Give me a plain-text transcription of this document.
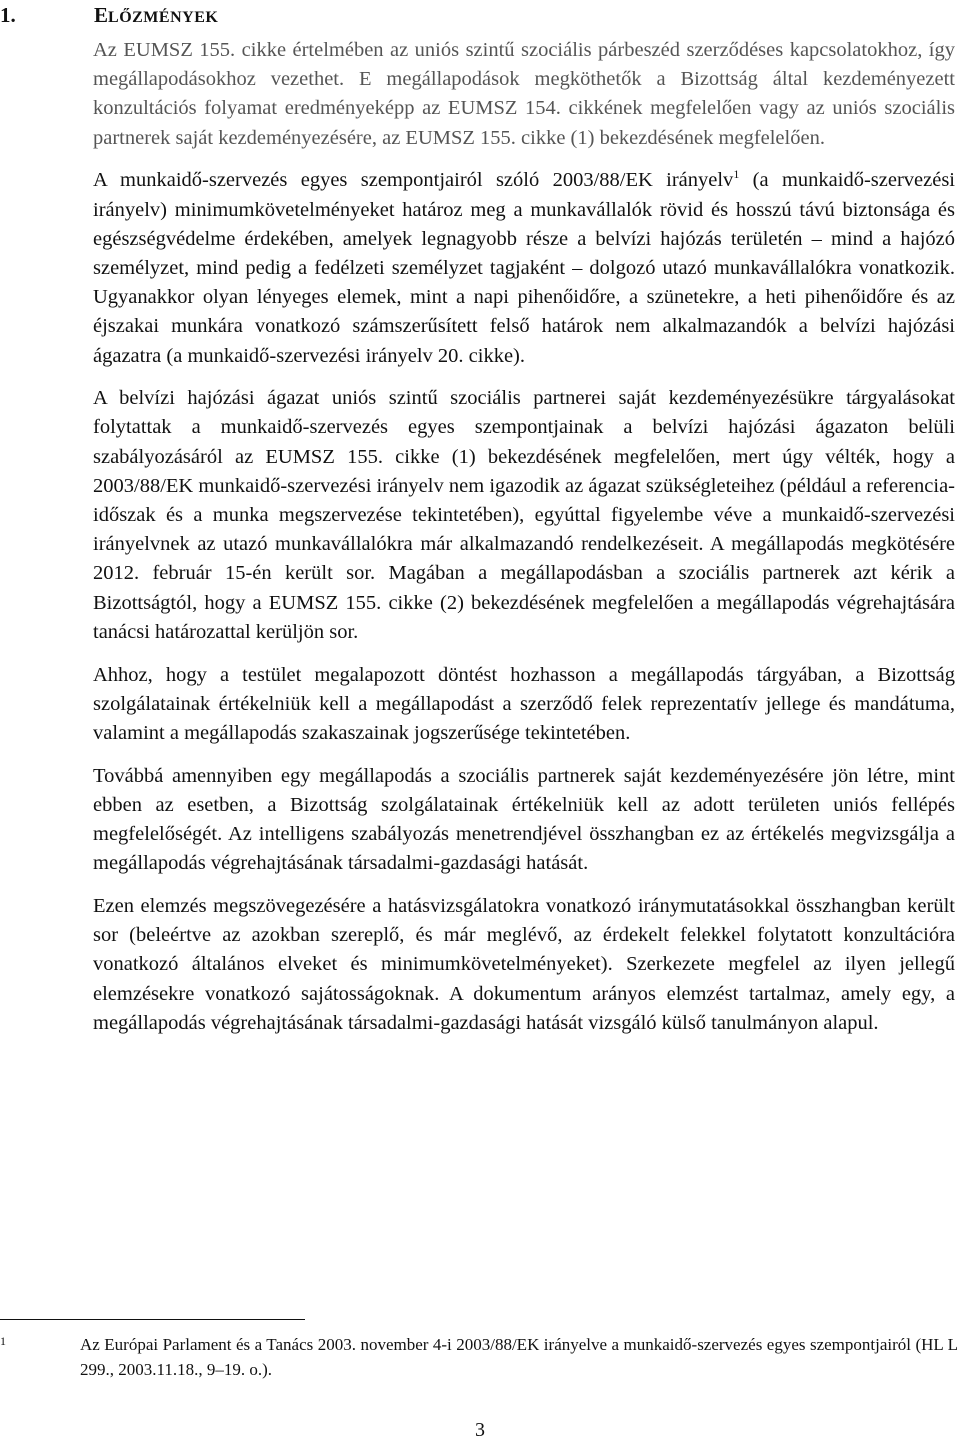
1.	ELŐZMÉNYEK

Az EUMSZ 155. cikke értelmében az uniós szintű szociális párbeszéd szerződéses kapcsolatokhoz, így megállapodásokhoz vezethet. E megállapodások megköthetők a Bizottság által kezdeményezett konzultációs folyamat eredményeképp az EUMSZ 154. cikkének megfelelően vagy az uniós szociális partnerek saját kezdeményezésére, az EUMSZ 155. cikke (1) bekezdésének megfelelően.

A munkaidő-szervezés egyes szempontjairól szóló 2003/88/EK irányelv$^1$ (a munkaidő-szervezési irányelv) minimumkövetelményeket határoz meg a munkavállalók rövid és hosszú távú biztonsága és egészségvédelme érdekében, amelyek legnagyobb része a belvízi hajózás területén – mind a hajózó személyzet, mind pedig a fedélzeti személyzet tagjaként – dolgozó utazó munkavállalókra vonatkozik. Ugyanakkor olyan lényeges elemek, mint a napi pihenőidőre, a szünetekre, a heti pihenőidőre és az éjszakai munkára vonatkozó számszerűsített felső határok nem alkalmazandók a belvízi hajózási ágazatra (a munkaidő-szervezési irányelv 20. cikke).

A belvízi hajózási ágazat uniós szintű szociális partnerei saját kezdeményezésükre tárgyalásokat folytattak a munkaidő-szervezés egyes szempontjainak a belvízi hajózási ágazaton belüli szabályozásáról az EUMSZ 155. cikke (1) bekezdésének megfelelően, mert úgy vélték, hogy a 2003/88/EK munkaidő-szervezési irányelv nem igazodik az ágazat szükségleteihez (például a referencia-időszak és a munka megszervezése tekintetében), egyúttal figyelembe véve a munkaidő-szervezési irányelvnek az utazó munkavállalókra már alkalmazandó rendelkezéseit. A megállapodás megkötésére 2012. február 15-én került sor. Magában a megállapodásban a szociális partnerek azt kérik a Bizottságtól, hogy a EUMSZ 155. cikke (2) bekezdésének megfelelően a megállapodás végrehajtására tanácsi határozattal kerüljön sor.

Ahhoz, hogy a testület megalapozott döntést hozhasson a megállapodás tárgyában, a Bizottság szolgálatainak értékelniük kell a megállapodást a szerződő felek reprezentatív jellege és mandátuma, valamint a megállapodás szakaszainak jogszerűsége tekintetében.

Továbbá amennyiben egy megállapodás a szociális partnerek saját kezdeményezésére jön létre, mint ebben az esetben, a Bizottság szolgálatainak értékelniük kell az adott területen uniós fellépés megfelelőségét. Az intelligens szabályozás menetrendjével összhangban ez az értékelés megvizsgálja a megállapodás végrehajtásának társadalmi-gazdasági hatását.

Ezen elemzés megszövegezésére a hatásvizsgálatokra vonatkozó iránymutatásokkal összhangban került sor (beleértve az azokban szereplő, és már meglévő, az érdekelt felekkel folytatott konzultációra vonatkozó általános elveket és minimumkövetelményeket). Szerkezete megfelel az ilyen jellegű elemzésekre vonatkozó sajátosságoknak. A dokumentum arányos elemzést tartalmaz, amely egy, a megállapodás végrehajtásának társadalmi-gazdasági hatását vizsgáló külső tanulmányon alapul.

1	Az Európai Parlament és a Tanács 2003. november 4-i 2003/88/EK irányelve a munkaidő-szervezés egyes szempontjairól (HL L 299., 2003.11.18., 9–19. o.).
3
